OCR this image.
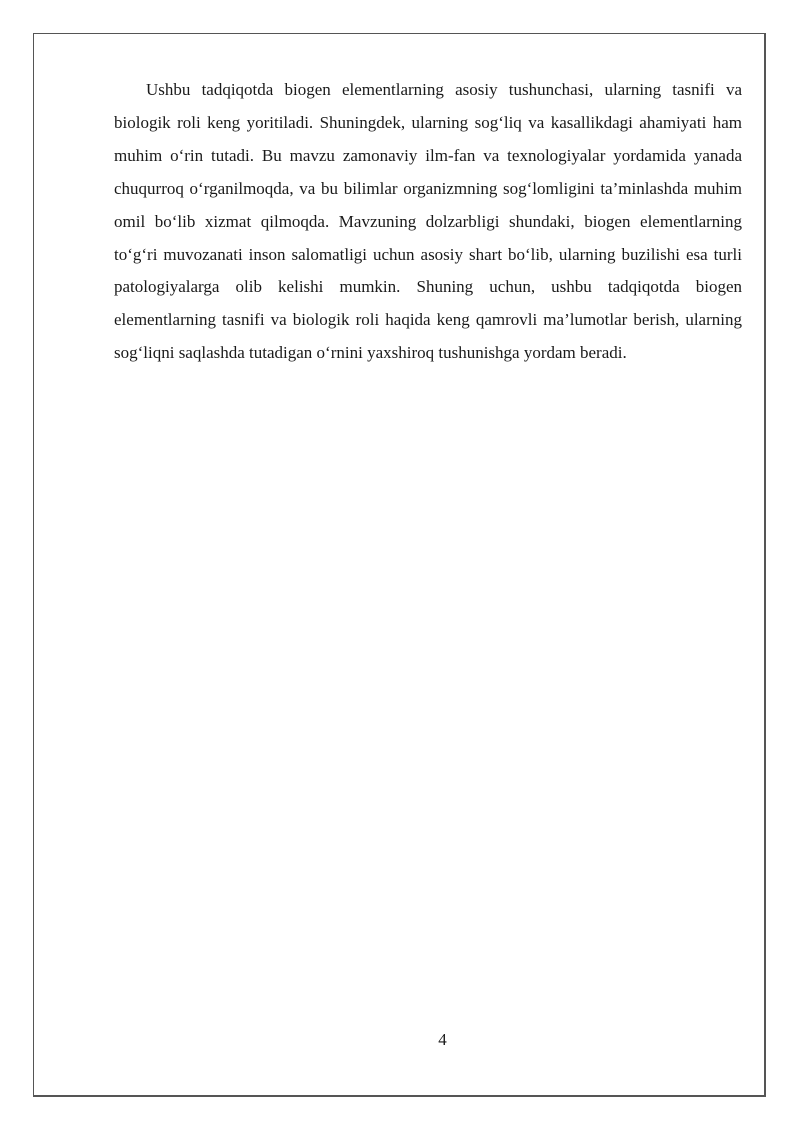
Ushbu tadqiqotda biogen elementlarning asosiy tushunchasi, ularning tasnifi va biologik roli keng yoritiladi. Shuningdek, ularning sog‘liq va kasallikdagi ahamiyati ham muhim o‘rin tutadi. Bu mavzu zamonaviy ilm-fan va texnologiyalar yordamida yanada chuqurroq o‘rganilmoqda, va bu bilimlar organizmning sog‘lomligini ta’minlashda muhim omil bo‘lib xizmat qilmoqda. Mavzuning dolzarbligi shundaki, biogen elementlarning to‘g‘ri muvozanati inson salomatligi uchun asosiy shart bo‘lib, ularning buzilishi esa turli patologiyalarga olib kelishi mumkin. Shuning uchun, ushbu tadqiqotda biogen elementlarning tasnifi va biologik roli haqida keng qamrovli ma’lumotlar berish, ularning sog‘liqni saqlashda tutadigan o‘rnini yaxshiroq tushunishga yordam beradi.

4
